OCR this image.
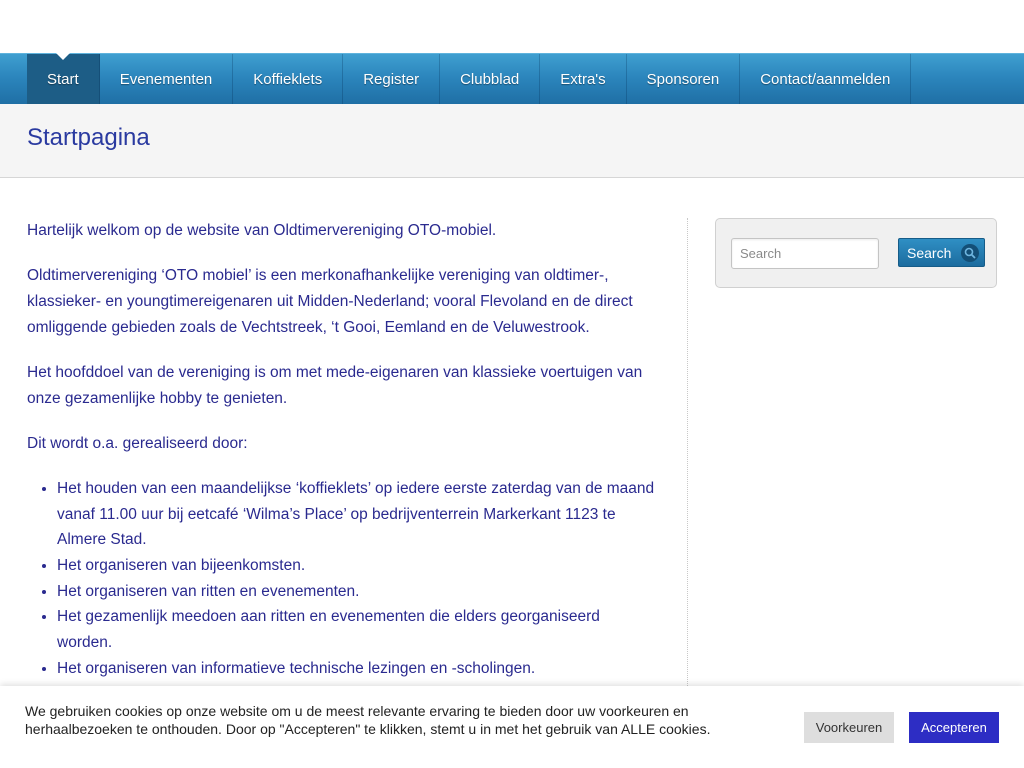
Start	Evenementen	Koffieklets	Register	Clubblad	Extra's	Sponsoren	Contact/aanmelden
Startpagina

Hartelijk welkom op de website van Oldtimervereniging OTO-mobiel.

Oldtimervereniging ‘OTO mobiel’ is een merkonafhankelijke vereniging van oldtimer-, klassieker- en youngtimereigenaren uit Midden-Nederland; vooral Flevoland en de direct omliggende gebieden zoals de Vechtstreek, ‘t Gooi, Eemland en de Veluwestrook.

Het hoofddoel van de vereniging is om met mede-eigenaren van klassieke voertuigen van onze gezamenlijke hobby te genieten.

Dit wordt o.a. gerealiseerd door:

• Het houden van een maandelijkse ‘koffieklets’ op iedere eerste zaterdag van de maand vanaf 11.00 uur bij eetcafé ‘Wilma’s Place’ op bedrijventerrein Markerkant 1123 te Almere Stad.
• Het organiseren van bijeenkomsten.
• Het organiseren van ritten en evenementen.
• Het gezamenlijk meedoen aan ritten en evenementen die elders georganiseerd worden.
• Het organiseren van informatieve technische lezingen en -scholingen.
Search
Search
We gebruiken cookies op onze website om u de meest relevante ervaring te bieden door uw voorkeuren en herhaalbezoeken te onthouden. Door op "Accepteren" te klikken, stemt u in met het gebruik van ALLE cookies.	Voorkeuren	Accepteren
